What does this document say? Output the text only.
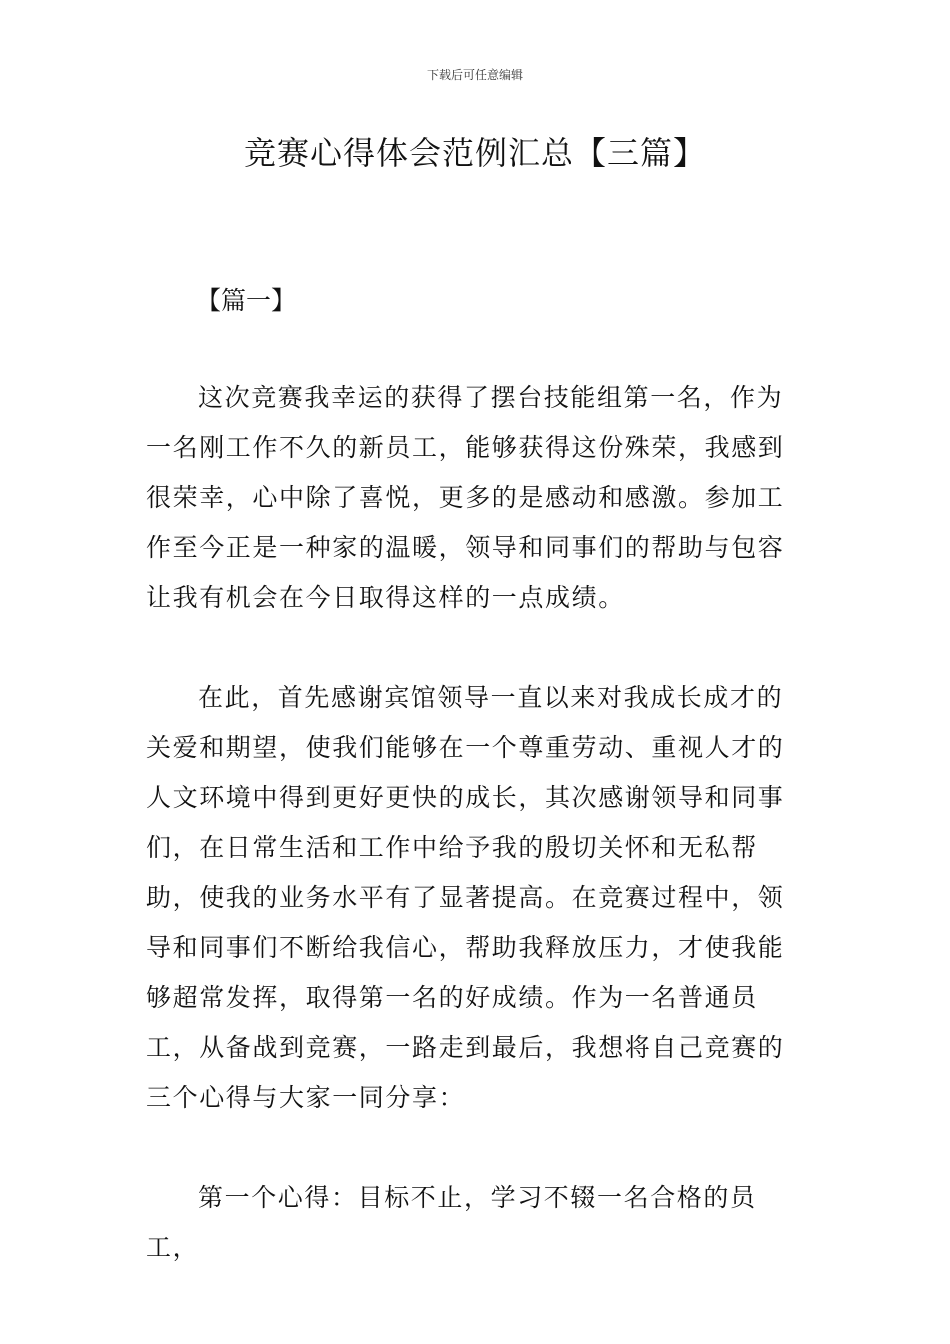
下载后可任意编辑
竞赛心得体会范例汇总【三篇】
【篇一】

这次竞赛我幸运的获得了摆台技能组第一名，作为一名刚工作不久的新员工，能够获得这份殊荣，我感到很荣幸，心中除了喜悦，更多的是感动和感激。参加工作至今正是一种家的温暖，领导和同事们的帮助与包容让我有机会在今日取得这样的一点成绩。

在此，首先感谢宾馆领导一直以来对我成长成才的关爱和期望，使我们能够在一个尊重劳动、重视人才的人文环境中得到更好更快的成长，其次感谢领导和同事们，在日常生活和工作中给予我的殷切关怀和无私帮助，使我的业务水平有了显著提高。在竞赛过程中，领导和同事们不断给我信心，帮助我释放压力，才使我能够超常发挥，取得第一名的好成绩。作为一名普通员工，从备战到竞赛，一路走到最后，我想将自己竞赛的三个心得与大家一同分享：

第一个心得：目标不止，学习不辍一名合格的员工，
